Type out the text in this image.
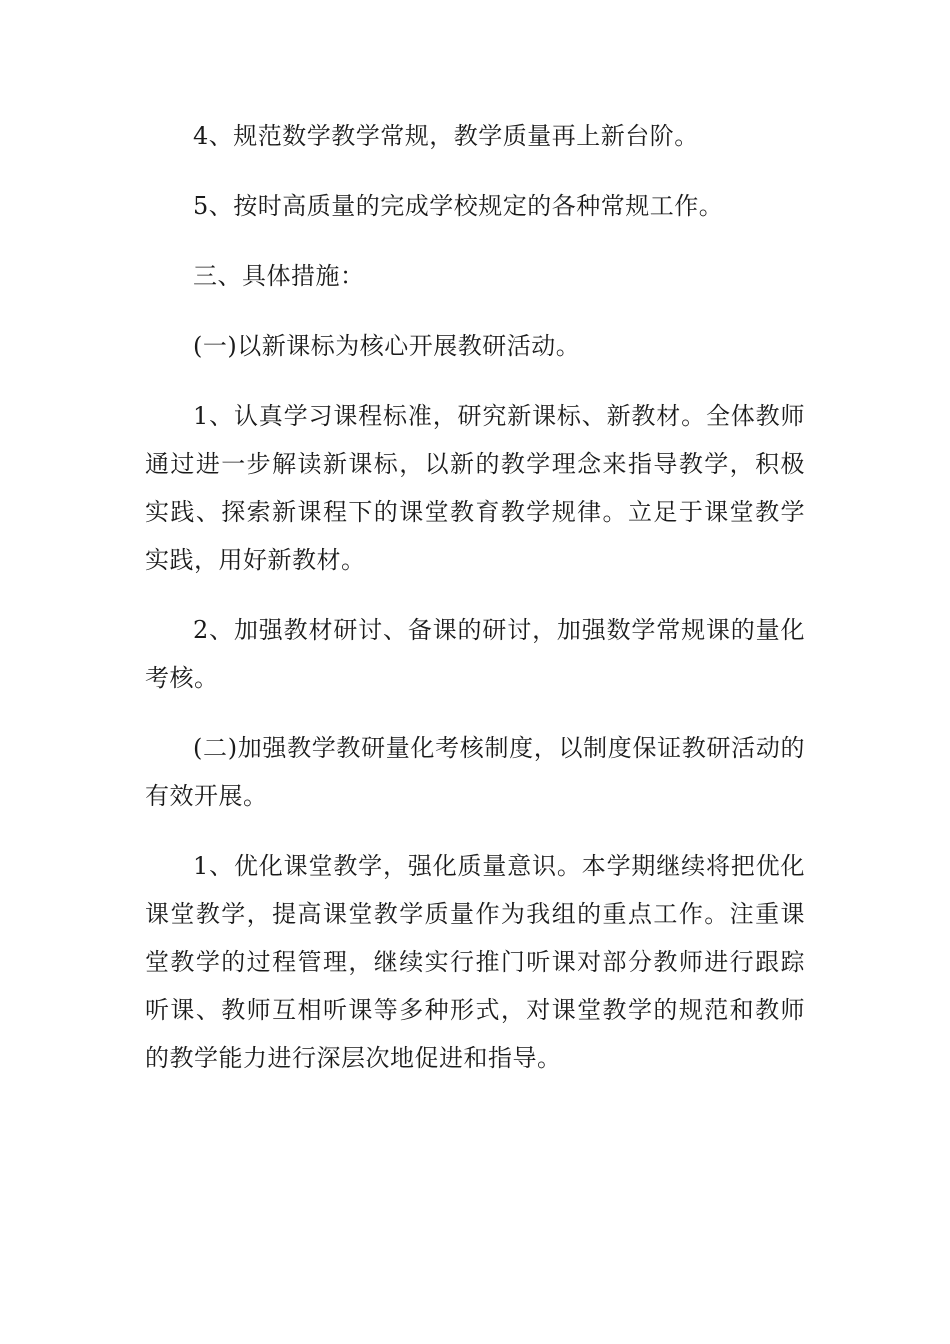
4、规范数学教学常规，教学质量再上新台阶。

5、按时高质量的完成学校规定的各种常规工作。

三、具体措施：

(一)以新课标为核心开展教研活动。

1、认真学习课程标准，研究新课标、新教材。全体教师通过进一步解读新课标，以新的教学理念来指导教学，积极实践、探索新课程下的课堂教育教学规律。立足于课堂教学实践，用好新教材。

2、加强教材研讨、备课的研讨，加强数学常规课的量化考核。

(二)加强教学教研量化考核制度，以制度保证教研活动的有效开展。

1、优化课堂教学，强化质量意识。本学期继续将把优化课堂教学，提高课堂教学质量作为我组的重点工作。注重课堂教学的过程管理，继续实行推门听课对部分教师进行跟踪听课、教师互相听课等多种形式，对课堂教学的规范和教师的教学能力进行深层次地促进和指导。
